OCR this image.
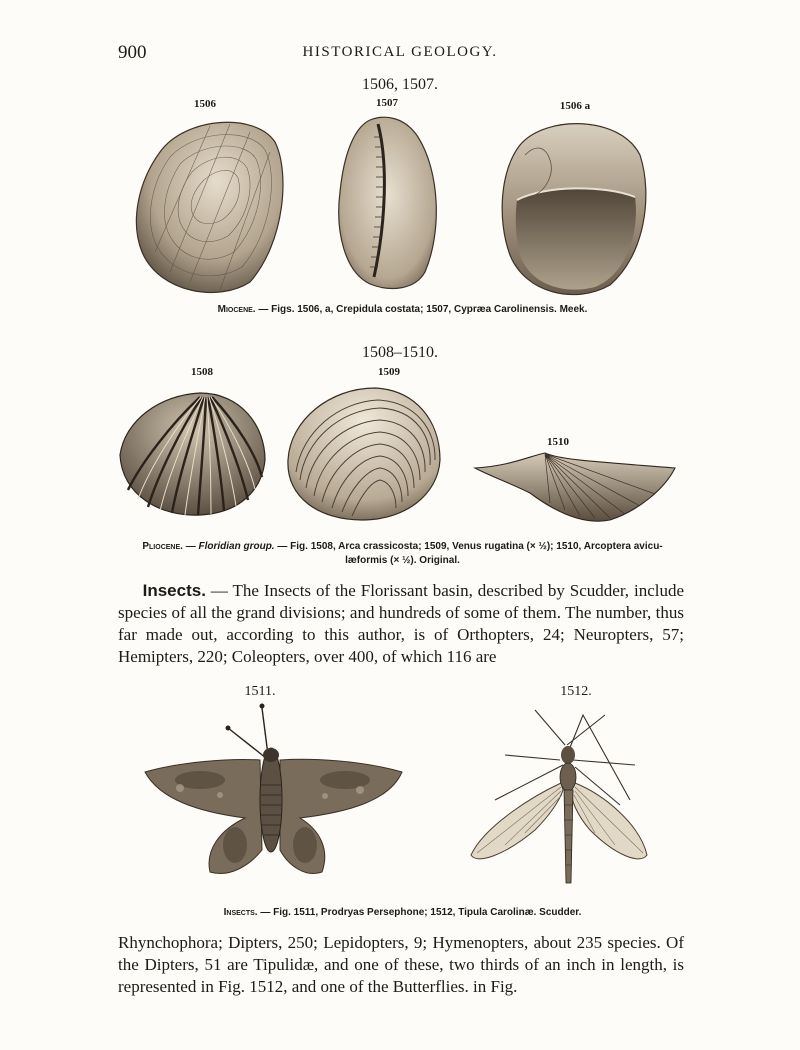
900	HISTORICAL GEOLOGY.
1506, 1507.
1506	1507	1506 a
Miocene. — Figs. 1506, a, Crepidula costata; 1507, Cypræa Carolinensis. Meek.
1508–1510.
1508	1509
1510
Pliocene. — Floridian group. — Fig. 1508, Arca crassicosta; 1509, Venus rugatina (× ½); 1510, Arcoptera avicu-
læformis (× ½). Original.
Insects. — The Insects of the Florissant basin, described by Scudder, include species of all the grand divisions; and hundreds of some of them. The number, thus far made out, according to this author, is of Orthopters, 24; Neuropters, 57; Hemipters, 220; Coleopters, over 400, of which 116 are
1511.	1512.
Insects. — Fig. 1511, Prodryas Persephone; 1512, Tipula Carolinæ. Scudder.
Rhynchophora; Dipters, 250; Lepidopters, 9; Hymenopters, about 235 species. Of the Dipters, 51 are Tipulidæ, and one of these, two thirds of an inch in length, is represented in Fig. 1512, and one of the Butterflies. in Fig.
